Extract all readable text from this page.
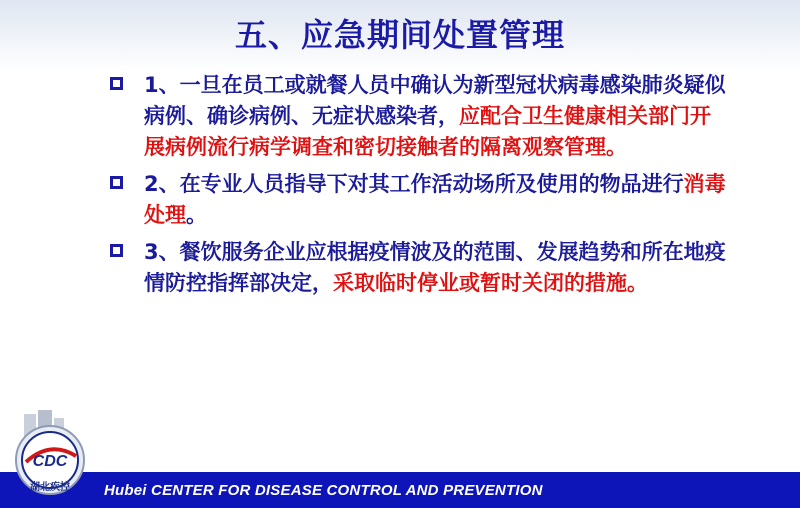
五、应急期间处置管理
1、一旦在员工或就餐人员中确认为新型冠状病毒感染肺炎疑似病例、确诊病例、无症状感染者，应配合卫生健康相关部门开展病例流行病学调查和密切接触者的隔离观察管理。
2、在专业人员指导下对其工作活动场所及使用的物品进行消毒处理。
3、餐饮服务企业应根据疫情波及的范围、发展趋势和所在地疫情防控指挥部决定，采取临时停业或暂时关闭的措施。
Hubei CENTER FOR DISEASE CONTROL AND PREVENTION
CDC
湖北疾控
